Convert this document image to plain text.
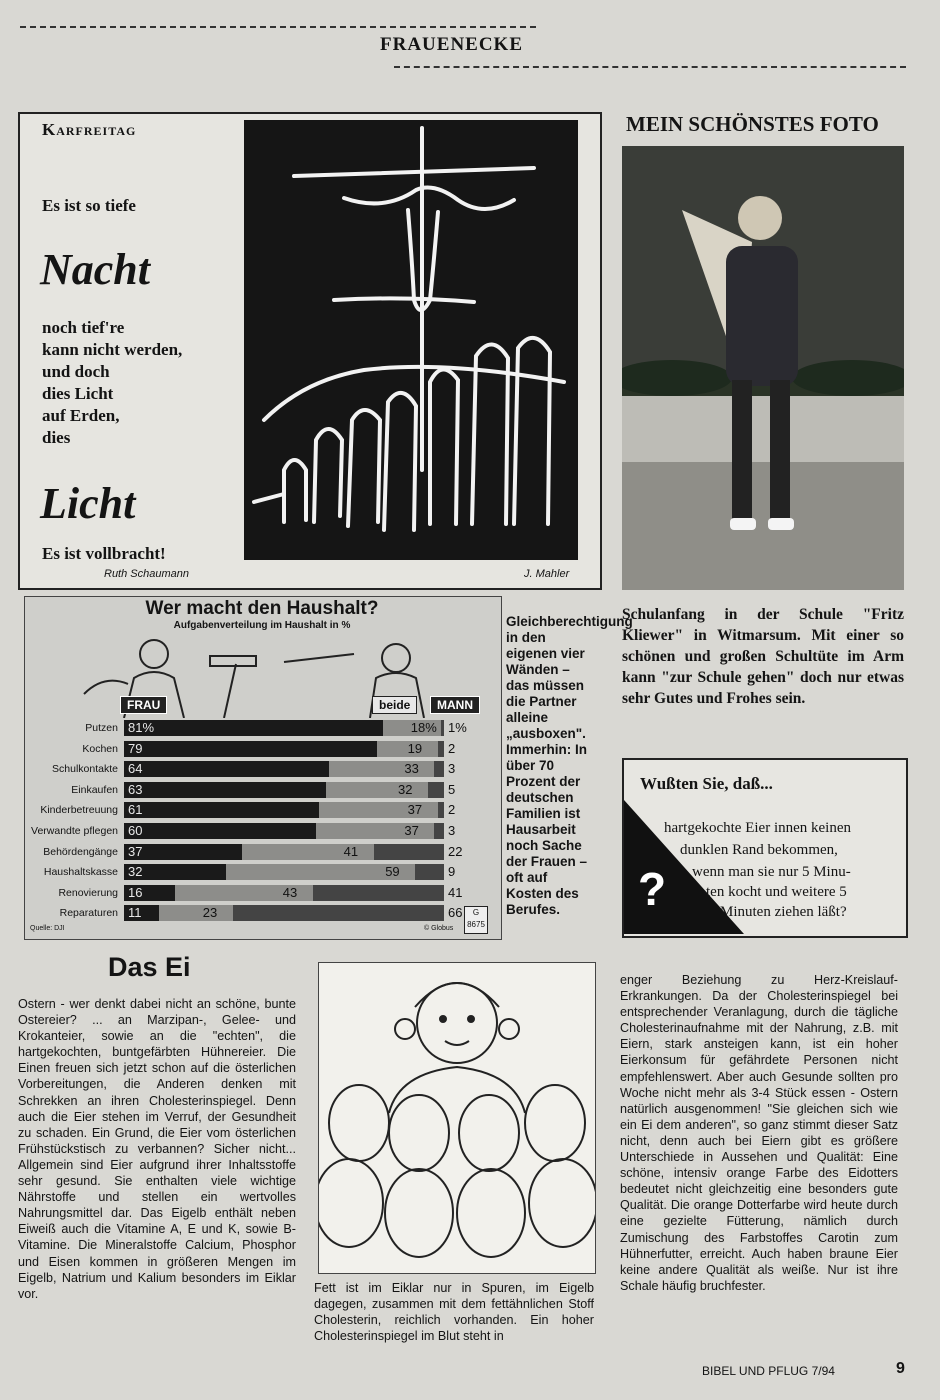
FRAUENECKE
Karfreitag
Es ist so tiefe
Nacht
noch tief're
kann nicht werden,
und doch
dies Licht
auf Erden,
dies
Licht
Es ist vollbracht!
Ruth Schaumann	J. Mahler
MEIN SCHÖNSTES FOTO
Schulanfang in der Schule "Fritz Kliewer" in Witmarsum. Mit einer so schönen und großen Schultüte im Arm kann "zur Schule gehen" doch nur etwas sehr Gutes und Frohes sein.
Wer macht den Haushalt?
Aufgabenverteilung im Haushalt in %
FRAU	beide	MANN
Quelle: DJI	© Globus
G 8675
Gleichberechtigung in den eigenen vier Wänden – das müssen die Partner alleine „ausboxen". Immerhin: In über 70 Prozent der deutschen Familien ist Hausarbeit noch Sache der Frauen – oft auf Kosten des Berufes.	?
Wußten Sie, daß...
hartgekochte Eier innen keinen
dunklen Rand bekommen,
wenn man sie nur 5 Minu-
ten kocht und weitere 5
Minuten ziehen läßt?
Das Ei
Ostern - wer denkt dabei nicht an schöne, bunte Ostereier? ... an Marzipan-, Gelee- und Krokanteier, sowie an die "echten", die hartgekochten, buntgefärbten Hühnereier. Die Einen freuen sich jetzt schon auf die österlichen Vorbereitungen, die Anderen denken mit Schrekken an ihren Cholesterinspiegel. Denn auch die Eier stehen im Verruf, der Gesundheit zu schaden. Ein Grund, die Eier vom österlichen Frühstückstisch zu verbannen? Sicher nicht... Allgemein sind Eier aufgrund ihrer Inhaltsstoffe sehr gesund. Sie enthalten viele wichtige Nährstoffe und stellen ein wertvolles Nahrungsmittel dar. Das Eigelb enthält neben Eiweiß auch die Vitamine A, E und K, sowie B-Vitamine. Die Mineralstoffe Calcium, Phosphor und Eisen kommen in größeren Mengen im Eigelb, Natrium und Kalium besonders im Eiklar vor.	Fett ist im Eiklar nur in Spuren, im Eigelb dagegen, zusammen mit dem fettähnlichen Stoff Cholesterin, reichlich vorhanden. Ein hoher Cholesterinspiegel im Blut steht in
enger Beziehung zu Herz-Kreislauf-Erkrankungen. Da der Cholesterinspiegel bei entsprechender Veranlagung, durch die tägliche Cholesterinaufnahme mit der Nahrung, z.B. mit Eiern, stark ansteigen kann, ist ein hoher Eierkonsum für gefährdete Personen nicht empfehlenswert. Aber auch Gesunde sollten pro Woche nicht mehr als 3-4 Stück essen - Ostern natürlich ausgenommen! "Sie gleichen sich wie ein Ei dem anderen", so ganz stimmt dieser Satz nicht, denn auch bei Eiern gibt es größere Unterschiede in Aussehen und Qualität: Eine schöne, intensiv orange Farbe des Eidotters bedeutet nicht gleichzeitig eine besonders gute Qualität. Die orange Dotterfarbe wird heute durch eine gezielte Fütterung, nämlich durch Zumischung des Farbstoffes Carotin zum Hühnerfutter, erreicht. Auch haben braune Eier keine andere Qualität als weiße. Nur ist ihre Schale häufig bruchfester.
BIBEL UND PFLUG 7/94	9
Putzen 81%	18% 1%
Kochen 79	19 2
Schulkontakte 64	33 3
Einkaufen 63	32	5
Kinderbetreuung 61	37 2
Verwandte pflegen 60	37 3
Behördengänge 37	41	22
Haushaltskasse 32	59	9
Renovierung 16	43	41
Reparaturen 11	23	66
